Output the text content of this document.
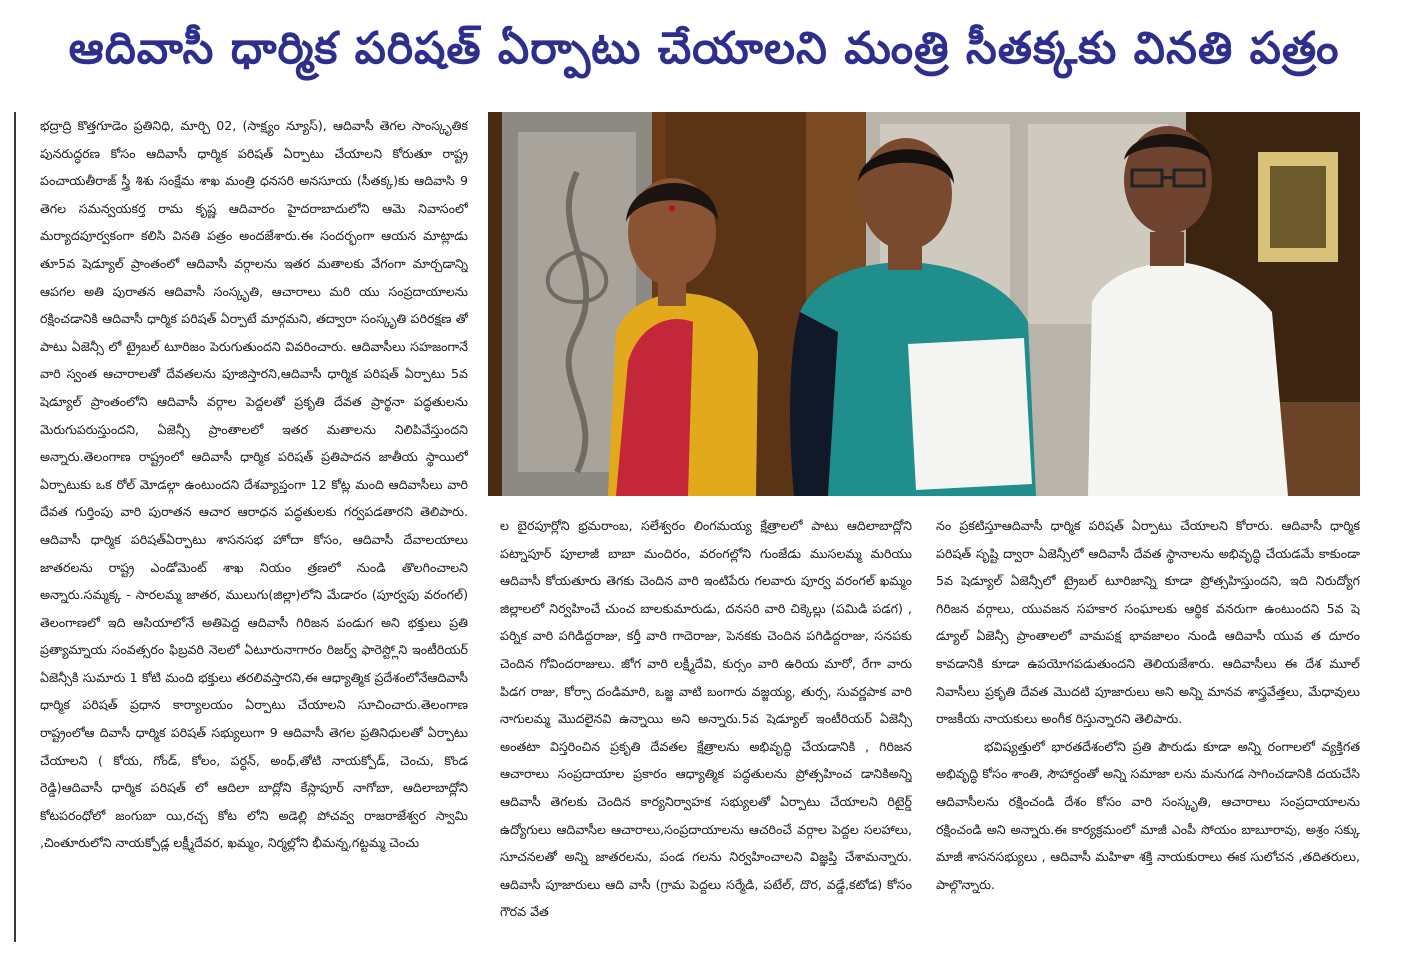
ఆదివాసీ ధార్మిక పరిషత్ ఏర్పాటు చేయాలని మంత్రి సీతక్కకు వినతి పత్రం

భద్రాద్రి కొత్తగూడెం ప్రతినిధి, మార్చి 02, (సాక్ష్యం న్యూస్), ఆదివాసీ తెగల సాంస్కృతిక పునరుద్ధరణ కోసం ఆదివాసీ ధార్మిక పరిషత్ ఏర్పాటు చేయాలని కోరుతూ రాష్ట్ర పంచాయతీరాజ్ స్త్రీ శిశు సంక్షేమ శాఖ మంత్రి ధనసరి అనసూయ (సీతక్క)కు ఆదివాసి 9 తెగల సమన్వయకర్త రామ కృష్ణ ఆదివారం హైదరాబాదులోని ఆమె నివాసంలో మర్యాదపూర్వకంగా కలిసి వినతి పత్రం అందజేశారు.ఈ సందర్భంగా ఆయన మాట్లాడు తూ5వ షెడ్యూల్ ప్రాంతంలో ఆదివాసీ వర్గాలను ఇతర మతాలకు వేగంగా మార్చడాన్ని ఆపగల అతి పురాతన ఆదివాసీ సంస్కృతి, ఆచారాలు మరి యు సంప్రదాయాలను రక్షించడానికి ఆదివాసీ ధార్మిక పరిషత్ ఏర్పాటే మార్గమని, తద్వారా సంస్కృతి పరిరక్షణ తో పాటు ఏజెన్సీ లో ట్రైబల్ టూరిజం పెరుగుతుందని వివరించారు. ఆదివాసీలు సహజంగానే వారి స్వంత ఆచారాలతో దేవతలను పూజిస్తారని,ఆదివాసీ ధార్మిక పరిషత్ ఏర్పాటు 5వ షెడ్యూల్ ప్రాంతంలోని ఆదివాసీ వర్గాల పెద్దలతో ప్రకృతి దేవత ప్రార్థనా పద్ధతులను మెరుగుపరుస్తుందని, ఏజెన్సీ ప్రాంతాలలో ఇతర మతాలను నిలిపివేస్తుందని అన్నారు.తెలంగాణ రాష్ట్రంలో ఆదివాసీ ధార్మిక పరిషత్ ప్రతిపాదన జాతీయ స్థాయిలో ఏర్పాటుకు ఒక రోల్ మోడల్గా ఉంటుందని దేశవ్యాప్తంగా 12 కోట్ల మంది ఆదివాసీలు వారి దేవత గుర్తింపు వారి పురాతన ఆచార ఆరాధన పద్ధతులకు గర్వపడతారని తెలిపారు. ఆదివాసీ ధార్మిక పరిషత్ఏర్పాటు శాసనసభ హోదా కోసం, ఆదివాసీ దేవాలయాలు జాతరలను రాష్ట్ర ఎండోమెంట్ శాఖ నియం త్రణలో నుండి తొలగించాలని అన్నారు.సమ్మక్క - సారలమ్మ జాతర, ములుగు(జిల్లా)లోని మేడారం (పూర్వపు వరంగల్) తెలంగాణలో ఇది ఆసియాలోనే అతిపెద్ద ఆదివాసీ గిరిజన పండుగ అని భక్తులు ప్రతి ప్రత్యామ్నాయ సంవత్సరం ఫిబ్రవరి నెలలో ఏటూరునాగారం రిజర్వ్ ఫారెస్ట్లోని ఇంటీరియర్ ఏజెన్సీకి సుమారు 1 కోటి మంది భక్తులు తరలివస్తారని,ఈ ఆధ్యాత్మిక ప్రదేశంలోనేఆదివాసీ ధార్మిక పరిషత్ ప్రధాన కార్యాలయం ఏర్పాటు చేయాలని సూచించారు.తెలంగాణ రాష్ట్రంలోఆ దివాసీ ధార్మిక పరిషత్ సభ్యులుగా 9 ఆదివాసీ తెగల ప్రతినిధులతో ఏర్పాటు చేయాలని ( కోయ, గోండ్, కోలం, పర్ధన్, అంధ్,తోటి నాయక్పోడ్, చెంచు, కొండ రెడ్డి)ఆదివాసీ ధార్మిక పరిషత్ లో ఆదిలా బాద్లోని కేస్లాపూర్ నాగోబా, ఆదిలాబాద్లోని కోటపరంధోలో జంగుబా యి,రచ్చ కోట లోని అడెల్లి పోచవ్వ రాజరాజేశ్వర స్వామి ,చింతూరులోని నాయక్పోడ్ల లక్ష్మీదేవర, ఖమ్మం, నిర్మల్లోని భీమన్న,గట్టమ్మ చెంచు

ల బైరపూర్లోని భ్రమరాంబ, సలేశ్వరం లింగమయ్య క్షేత్రాలలో పాటు ఆదిలాబాద్లోని పట్నాపూర్ పూలాజీ బాబా మందిరం, వరంగల్లోని గుంజేడు ముసలమ్మ మరియు ఆదివాసీ కోయతూరు తెగకు చెందిన వారి ఇంటిపేరు గలవారు పూర్వ వరంగల్ ఖమ్మం జిల్లాలలో నిర్వహించే చుంచ బాలకుమారుడు, దనసరి వారి చిక్కెల్లు (పమిడి పడగ) , పర్నిక వారి పగిడిద్దరాజు, కర్తీ వారి గాదెరాజు, పెనకకు చెందిన పగిడిద్దరాజు, సనపకు చెందిన గోవిందరాజులు. జోగ వారి లక్ష్మీదేవి, కుర్సం వారి ఉరియ మారో, రేగా వారు పిడగ రాజు, కోర్సా దండిమారి, ఒజ్జ వాటి బంగారు వజ్జయ్య, తుర్స, సువర్ణపాక వారి నాగులమ్మ మొదలైనవి ఉన్నాయి అని అన్నారు.5వ షెడ్యూల్ ఇంటీరియర్ ఏజెన్సీ అంతటా విస్తరించిన ప్రకృతి దేవతల క్షేత్రాలను అభివృద్ధి చేయడానికి , గిరిజన ఆచారాలు సంప్రదాయాల ప్రకారం ఆధ్యాత్మిక పద్ధతులను ప్రోత్సహించ డానికిఅన్ని ఆదివాసీ తెగలకు చెందిన కార్యనిర్వాహక సభ్యులతో ఏర్పాటు చేయాలని రిటైర్డ్ ఉద్యోగులు ఆదివాసీల ఆచారాలు,సంప్రదాయాలను ఆచరించే వర్గాల పెద్దల సలహాలు, సూచనలతో అన్ని జాతరలను, పండ గలను నిర్వహించాలని విజ్ఞప్తి చేశామన్నారు. ఆదివాసీ పూజారులు ఆది వాసీ (గ్రామ పెద్దలు సర్మేడి, పటేల్, దొర, వడ్డే,కటోడ) కోసం గౌరవ వేత

నం ప్రకటిస్తూఆదివాసీ ధార్మిక పరిషత్ ఏర్పాటు చేయాలని కోరారు. ఆదివాసీ ధార్మిక పరిషత్ సృష్టి ద్వారా ఏజెన్సీలో ఆదివాసీ దేవత స్థానాలను అభివృద్ధి చేయడమే కాకుండా 5వ షెడ్యూల్ ఏజెన్సీలో ట్రైబల్ టూరిజాన్ని కూడా ప్రోత్సహిస్తుందని, ఇది నిరుద్యోగ గిరిజన వర్గాలు, యువజన సహకార సంఘాలకు ఆర్థిక వనరుగా ఉంటుందని 5వ షె డ్యూల్ ఏజెన్సీ ప్రాంతాలలో వామపక్ష భావజాలం నుండి ఆదివాసీ యువ త దూరం కావడానికి కూడా ఉపయోగపడుతుందని తెలియజేశారు. ఆదివాసీలు ఈ దేశ మూల్ నివాసీలు ప్రకృతి దేవత మొదటి పూజారులు అని అన్ని మానవ శాస్త్రవేత్తలు, మేధావులు రాజకీయ నాయకులు అంగీక రిస్తున్నారని తెలిపారు.

భవిష్యత్తులో భారతదేశంలోని ప్రతి పౌరుడు కూడా అన్ని రంగాలలో వ్యక్తిగత అభివృద్ధి కోసం శాంతి, సౌహార్దంతో అన్ని సమాజా లను మనుగడ సాగించడానికి దయచేసి ఆదివాసీలను రక్షించండి దేశం కోసం వారి సంస్కృతి, ఆచారాలు సంప్రదాయాలను రక్షించండి అని అన్నారు.ఈ కార్యక్రమంలో మాజీ ఎంపీ సోయం బాబూరావు, అశ్రం సక్కు మాజీ శాసనసభ్యులు , ఆదివాసీ మహిళా శక్తి నాయకురాలు ఈక సులోచన ,తదితరులు, పాల్గొన్నారు.
